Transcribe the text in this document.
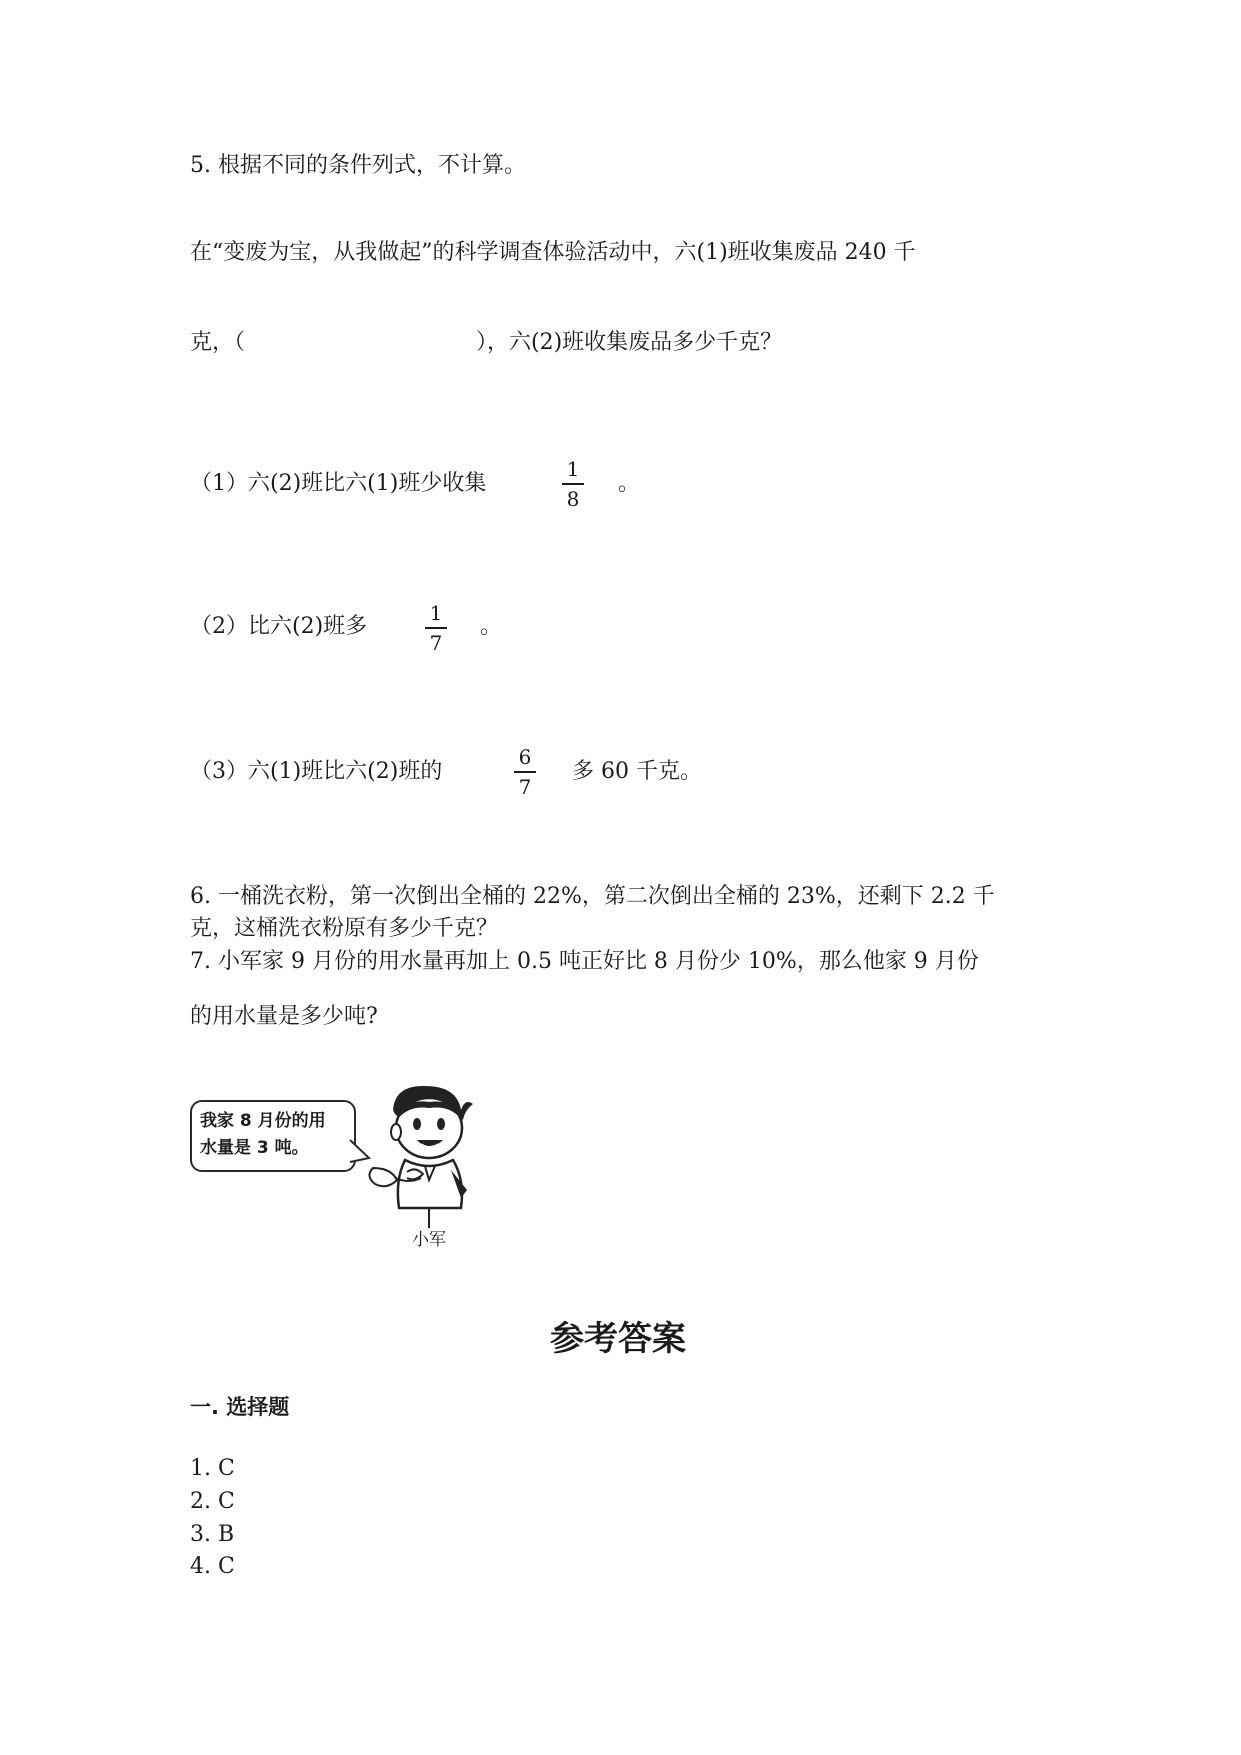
5. 根据不同的条件列式，不计算。
在“变废为宝，从我做起”的科学调查体验活动中，六(1)班收集废品 240 千
克，（	），六(2)班收集废品多少千克？
（1）六(2)班比六(1)班少收集
1
8
。
（2）比六(2)班多
1
7
。
（3）六(1)班比六(2)班的
6
7
多 60 千克。
6. 一桶洗衣粉，第一次倒出全桶的 22%，第二次倒出全桶的 23%，还剩下 2.2 千
克，这桶洗衣粉原有多少千克？
7. 小军家 9 月份的用水量再加上 0.5 吨正好比 8 月份少 10%，那么他家 9 月份
的用水量是多少吨?
我家 8 月份的用
水量是 3 吨。
小军
参考答案
一. 选择题
1. C
2. C
3. B
4. C
